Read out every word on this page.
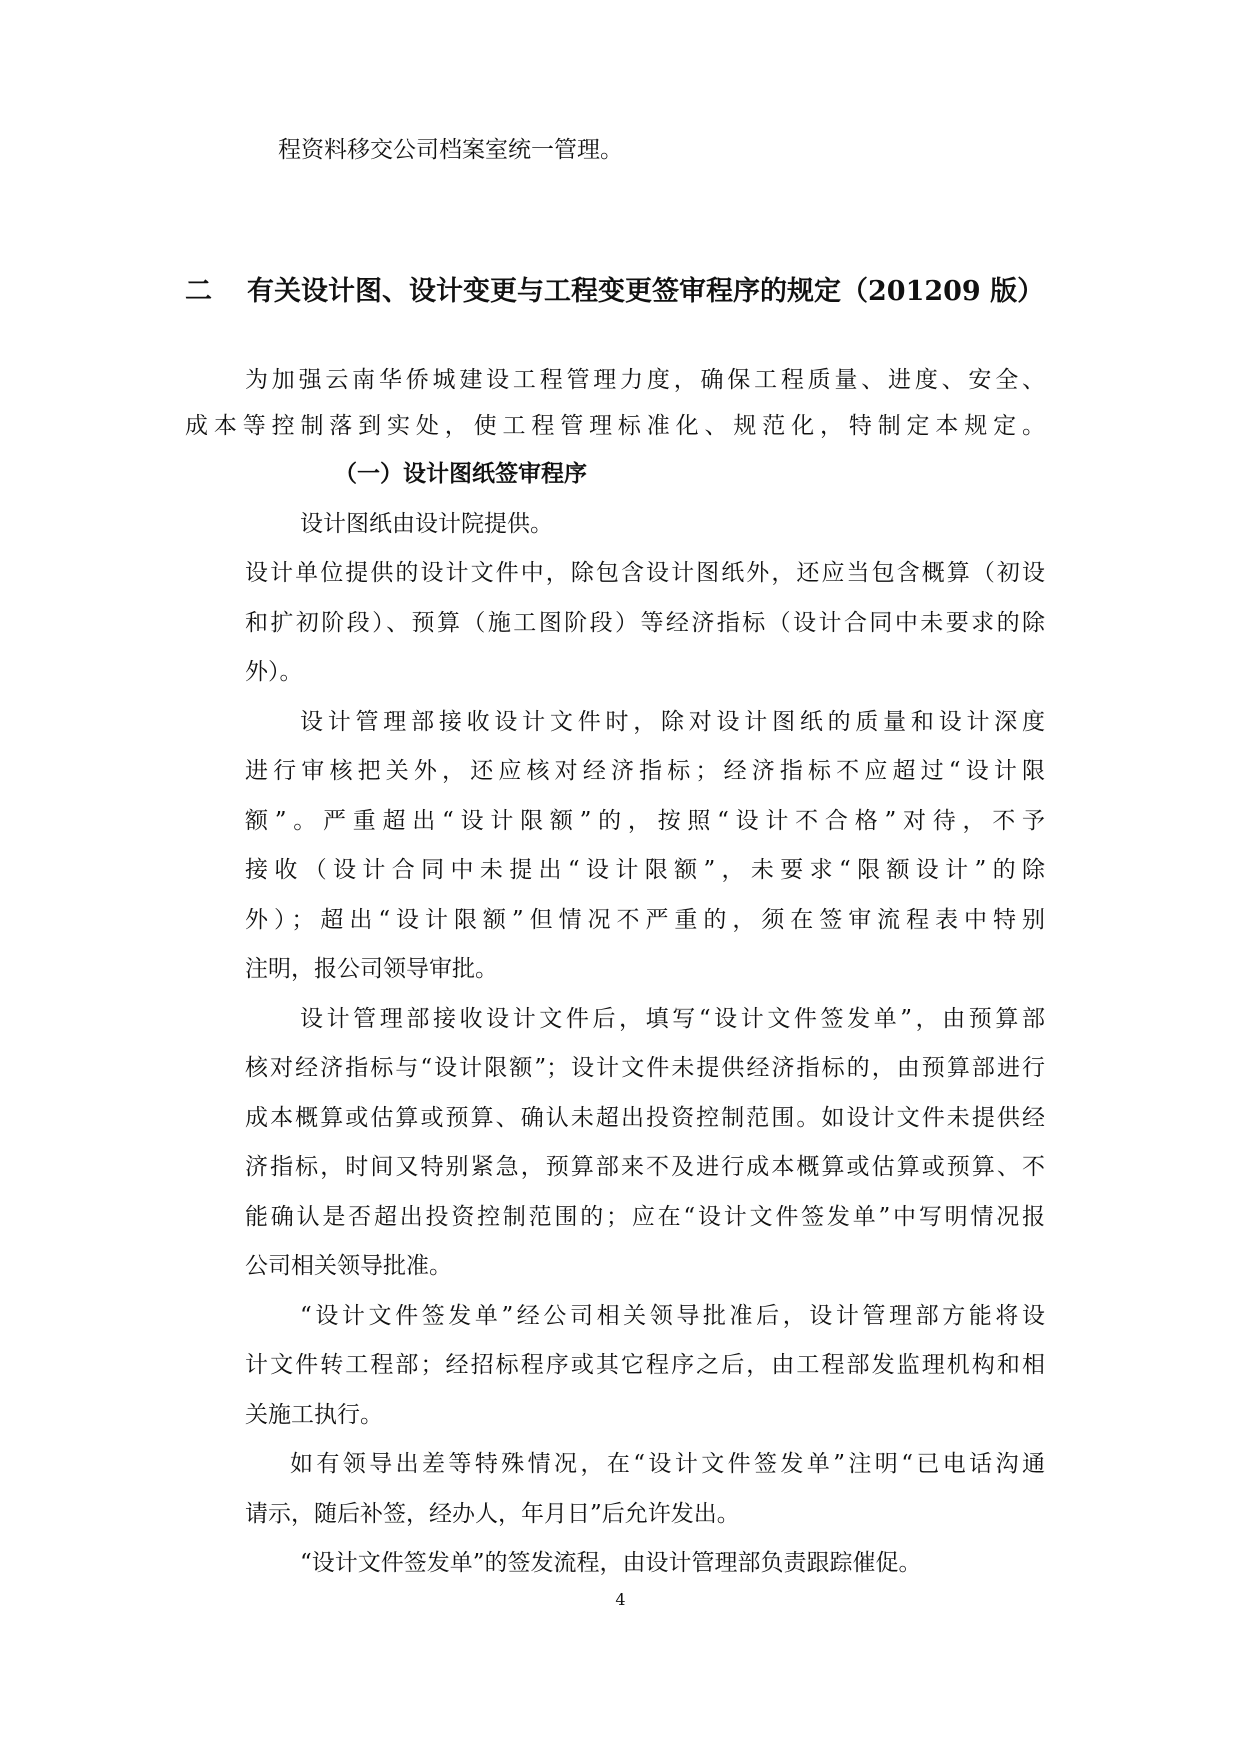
程资料移交公司档案室统一管理。
二 有关设计图、设计变更与工程变更签审程序的规定（201209 版）
为加强云南华侨城建设工程管理力度，确保工程质量、进度、安全、
成本等控制落到实处，使工程管理标准化、规范化，特制定本规定。
（一）设计图纸签审程序
设计图纸由设计院提供。
设计单位提供的设计文件中，除包含设计图纸外，还应当包含概算（初设
和扩初阶段）、预算（施工图阶段）等经济指标（设计合同中未要求的除
外）。
设计管理部接收设计文件时，除对设计图纸的质量和设计深度
进行审核把关外，还应核对经济指标；经济指标不应超过“设计限
额”。严重超出“设计限额”的，按照“设计不合格”对待，不予
接收（设计合同中未提出“设计限额”，未要求“限额设计”的除
外）；超出“设计限额”但情况不严重的，须在签审流程表中特别
注明，报公司领导审批。
设计管理部接收设计文件后，填写“设计文件签发单”，由预算部
核对经济指标与“设计限额”；设计文件未提供经济指标的，由预算部进行
成本概算或估算或预算、确认未超出投资控制范围。如设计文件未提供经
济指标，时间又特别紧急，预算部来不及进行成本概算或估算或预算、不
能确认是否超出投资控制范围的；应在“设计文件签发单”中写明情况报
公司相关领导批准。
“设计文件签发单”经公司相关领导批准后，设计管理部方能将设
计文件转工程部；经招标程序或其它程序之后，由工程部发监理机构和相
关施工执行。
如有领导出差等特殊情况，在“设计文件签发单”注明“已电话沟通
请示，随后补签，经办人，年月日”后允许发出。
“设计文件签发单”的签发流程，由设计管理部负责跟踪催促。
4
